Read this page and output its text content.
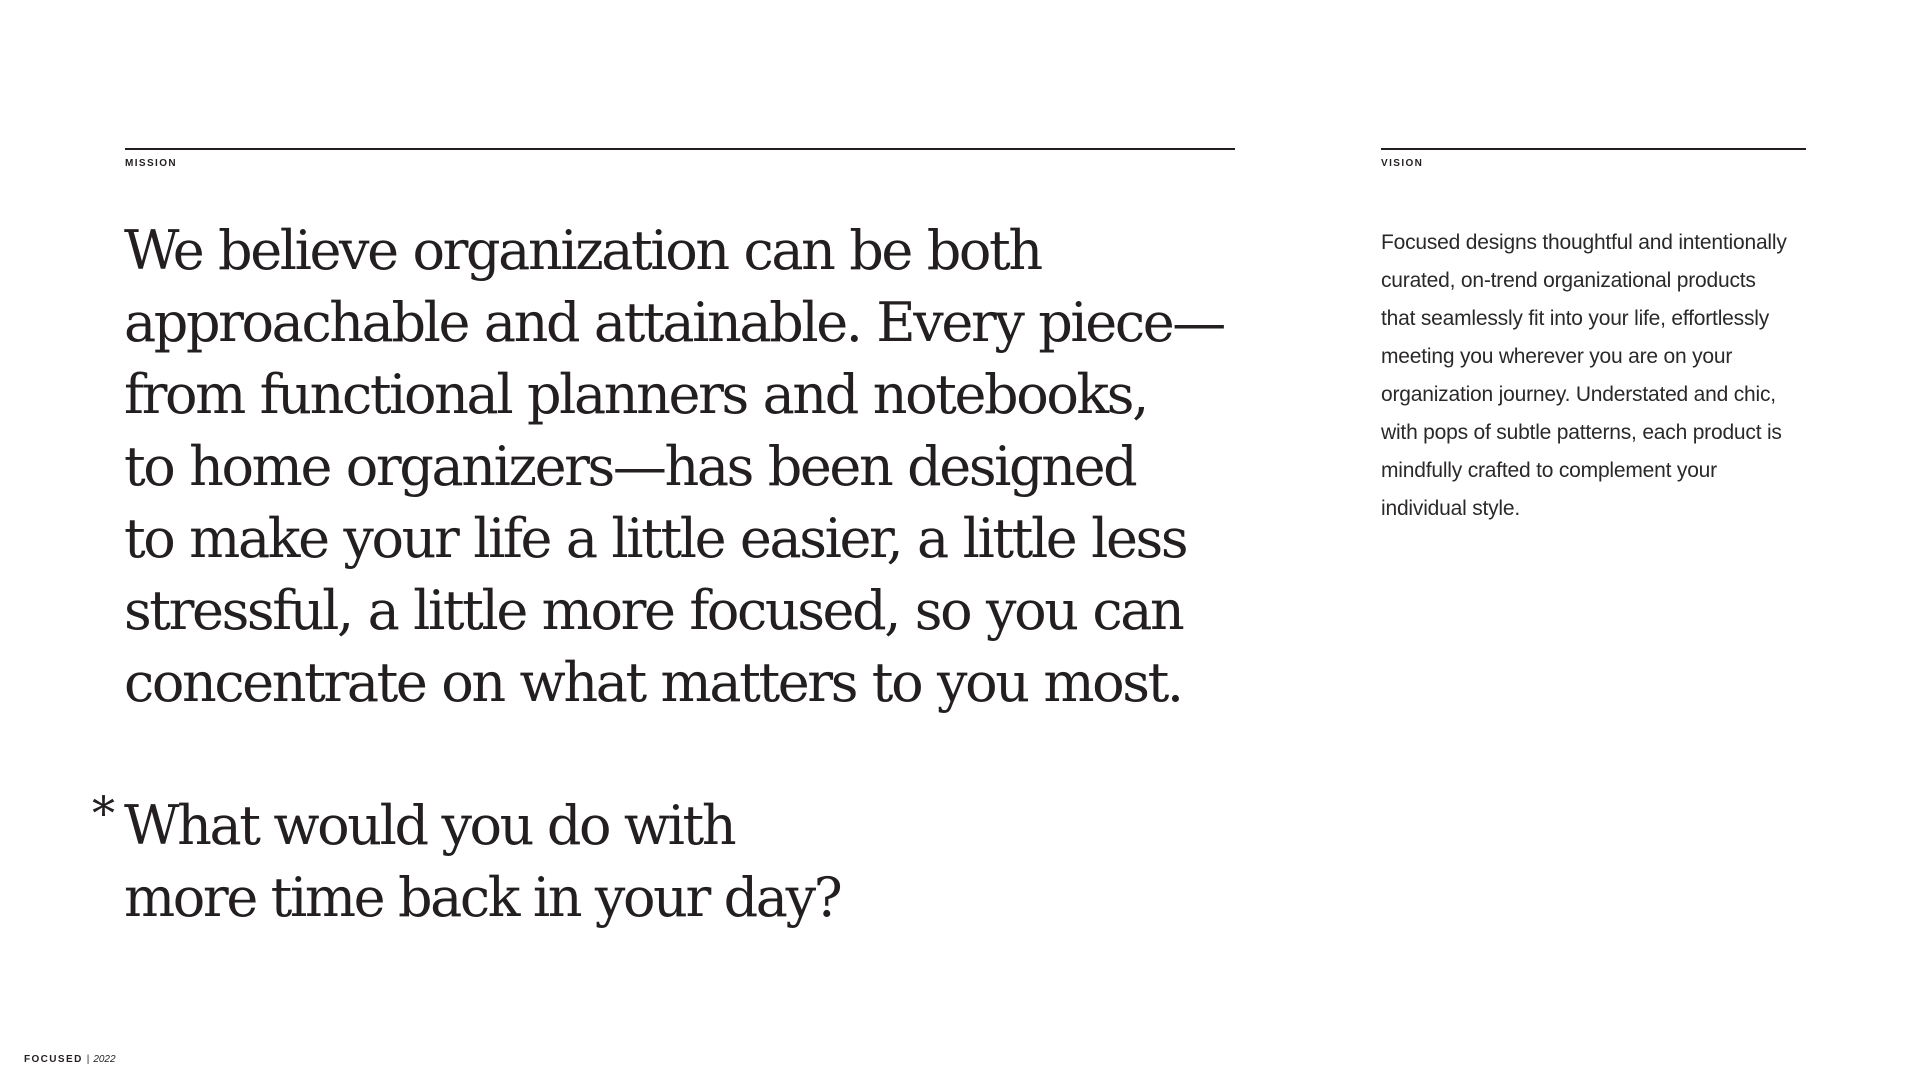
MISSION
We believe organization can be both
approachable and attainable. Every piece—
from functional planners and notebooks,
to home organizers—has been designed
to make your life a little easier, a little less
stressful, a little more focused, so you can
concentrate on what matters to you most.
* What would you do with
more time back in your day?
VISION
Focused designs thoughtful and intentionally
curated, on-trend organizational products
that seamlessly fit into your life, effortlessly
meeting you wherever you are on your
organization journey. Understated and chic,
with pops of subtle patterns, each product is
mindfully crafted to complement your
individual style.
FOCUSED | 2022
